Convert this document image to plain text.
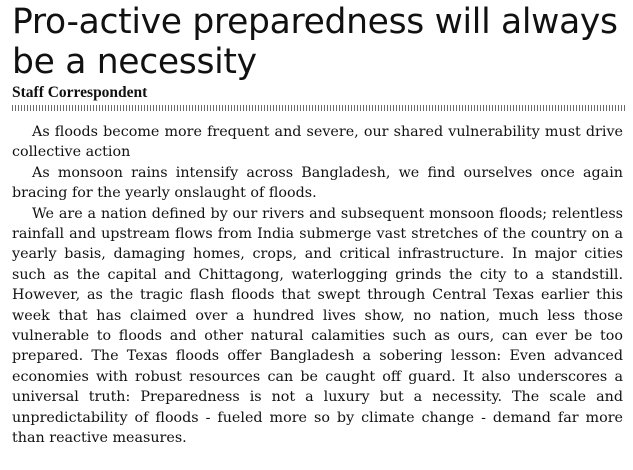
Pro-active preparedness will always be a necessity
Staff Correspondent

As floods become more frequent and severe, our shared vulnerability must drive collective action

As monsoon rains intensify across Bangladesh, we find ourselves once again bracing for the yearly onslaught of floods.

We are a nation defined by our rivers and subsequent monsoon floods; relentless rainfall and upstream flows from India submerge vast stretches of the country on a yearly basis, damaging homes, crops, and critical infrastructure. In major cities such as the capital and Chittagong, waterlogging grinds the city to a standstill. However, as the tragic flash floods that swept through Central Texas earlier this week that has claimed over a hundred lives show, no nation, much less those vulnerable to floods and other natural calamities such as ours, can ever be too prepared. The Texas floods offer Bangladesh a sobering lesson: Even advanced economies with robust resources can be caught off guard. It also underscores a universal truth: Preparedness is not a luxury but a necessity. The scale and unpredictability of floods - fueled more so by climate change - demand far more than reactive measures.
